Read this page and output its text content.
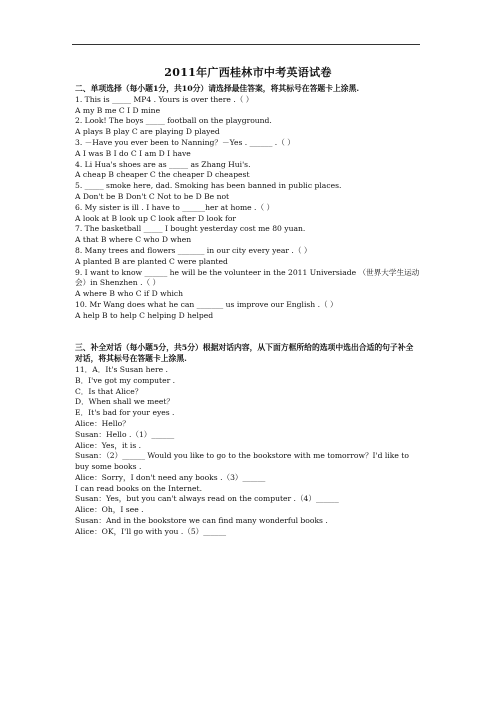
2011年广西桂林市中考英语试卷
二、单项选择（每小题1分，共10分）请选择最佳答案，将其标号在答题卡上涂黑.
1. This is _____ MP4 . Yours is over there .（ ）
A my B me C I D mine
2. Look! The boys _____ football on the playground.
A plays B play C are playing D played
3. －Have you ever been to Nanning？－Yes . ______ .（ ）
A I was B I do C I am D I have
4. Li Hua's shoes are as _____ as Zhang Hui's.
A cheap B cheaper C the cheaper D cheapest
5. _____ smoke here, dad. Smoking has been banned in public places.
A Don't be B Don't C Not to be D Be not
6. My sister is ill . I have to ______her at home .（ ）
A look at B look up C look after D look for
7. The basketball _____ I bought yesterday cost me 80 yuan.
A that B where C who D when
8. Many trees and flowers _______ in our city every year .（ ）
A planted B are planted C were planted
9. I want to know ______ he will be the volunteer in the 2011 Universiade （世界大学生运动会）in Shenzhen .（ ）
A where B who C if D which
10. Mr Wang does what he can _______ us improve our English .（ ）
A help B to help C helping D helped
三、补全对话（每小题5分，共5分）根据对话内容，从下面方框所给的选项中选出合适的句子补全对话，将其标号在答题卡上涂黑.
11．A．It's Susan here .
B．I've got my computer .
C．Is that Alice？
D．When shall we meet？
E．It's bad for your eyes .
Alice：Hello？
Susan：Hello .（1）______
Alice：Yes，it is .
Susan：（2）______ Would you like to go to the bookstore with me tomorrow？I'd like to buy some books .
Alice：Sorry，I don't need any books .（3）______
I can read books on the Internet.
Susan：Yes，but you can't always read on the computer .（4）______
Alice：Oh，I see .
Susan：And in the bookstore we can find many wonderful books .
Alice：OK，I'll go with you .（5）______
